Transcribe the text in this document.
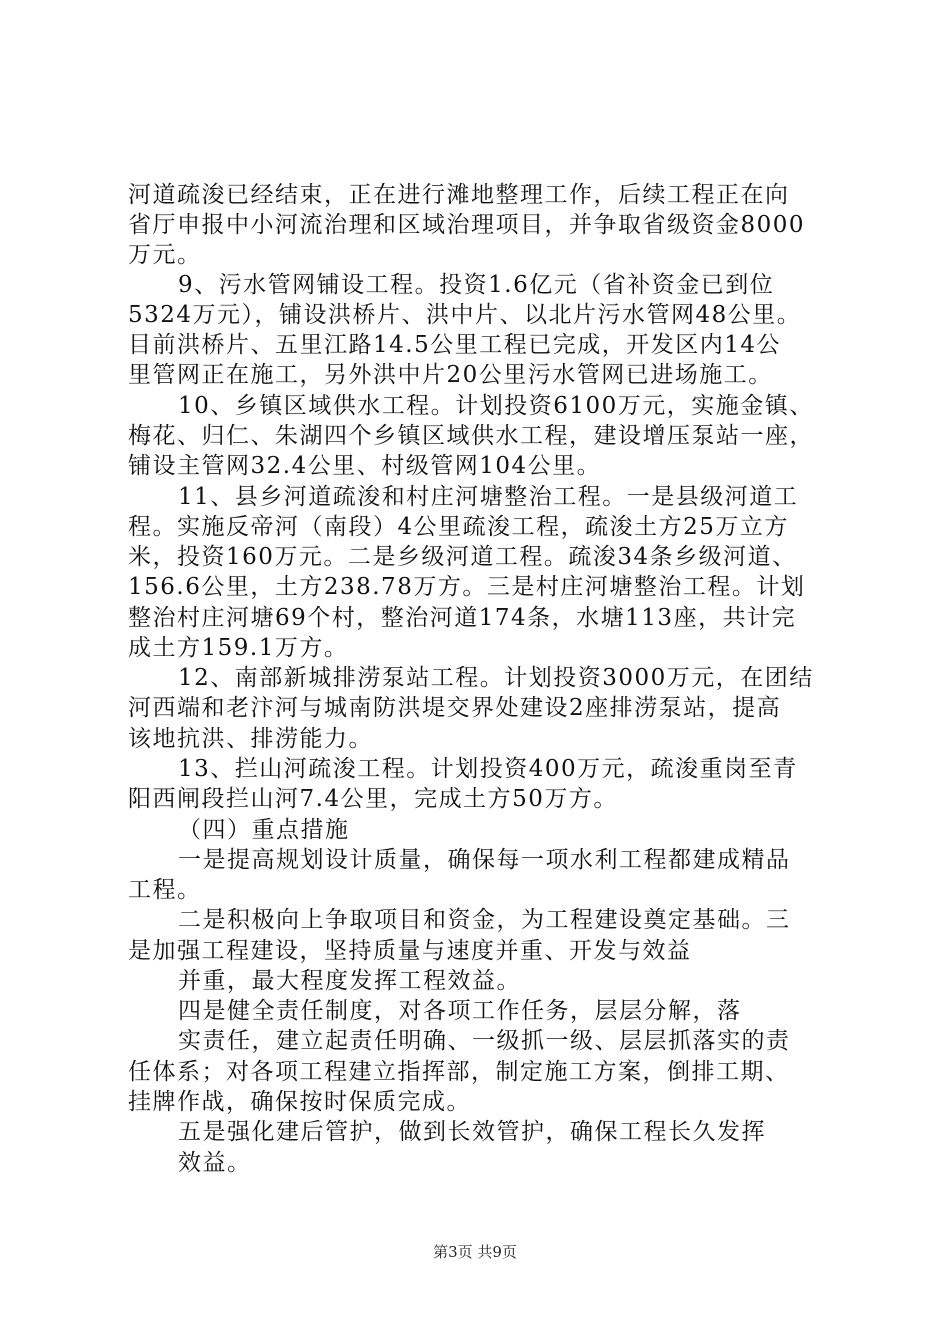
河道疏浚已经结束，正在进行滩地整理工作，后续工程正在向

省厅申报中小河流治理和区域治理项目，并争取省级资金8000

万元。

9、污水管网铺设工程。投资1.6亿元（省补资金已到位

5324万元），铺设洪桥片、洪中片、以北片污水管网48公里。

目前洪桥片、五里江路14.5公里工程已完成，开发区内14公

里管网正在施工，另外洪中片20公里污水管网已进场施工。

10、乡镇区域供水工程。计划投资6100万元，实施金镇、

梅花、归仁、朱湖四个乡镇区域供水工程，建设增压泵站一座，

铺设主管网32.4公里、村级管网104公里。

11、县乡河道疏浚和村庄河塘整治工程。一是县级河道工

程。实施反帝河（南段）4公里疏浚工程，疏浚土方25万立方

米，投资160万元。二是乡级河道工程。疏浚34条乡级河道、

156.6公里，土方238.78万方。三是村庄河塘整治工程。计划

整治村庄河塘69个村，整治河道174条，水塘113座，共计完

成土方159.1万方。

12、南部新城排涝泵站工程。计划投资3000万元，在团结

河西端和老汴河与城南防洪堤交界处建设2座排涝泵站，提高

该地抗洪、排涝能力。

13、拦山河疏浚工程。计划投资400万元，疏浚重岗至青

阳西闸段拦山河7.4公里，完成土方50万方。

（四）重点措施

一是提高规划设计质量，确保每一项水利工程都建成精品

工程。

二是积极向上争取项目和资金，为工程建设奠定基础。三

是加强工程建设，坚持质量与速度并重、开发与效益

并重，最大程度发挥工程效益。

四是健全责任制度，对各项工作任务，层层分解，落

实责任，建立起责任明确、一级抓一级、层层抓落实的责

任体系；对各项工程建立指挥部，制定施工方案，倒排工期、

挂牌作战，确保按时保质完成。

五是强化建后管护，做到长效管护，确保工程长久发挥

效益。

第3页 共9页
